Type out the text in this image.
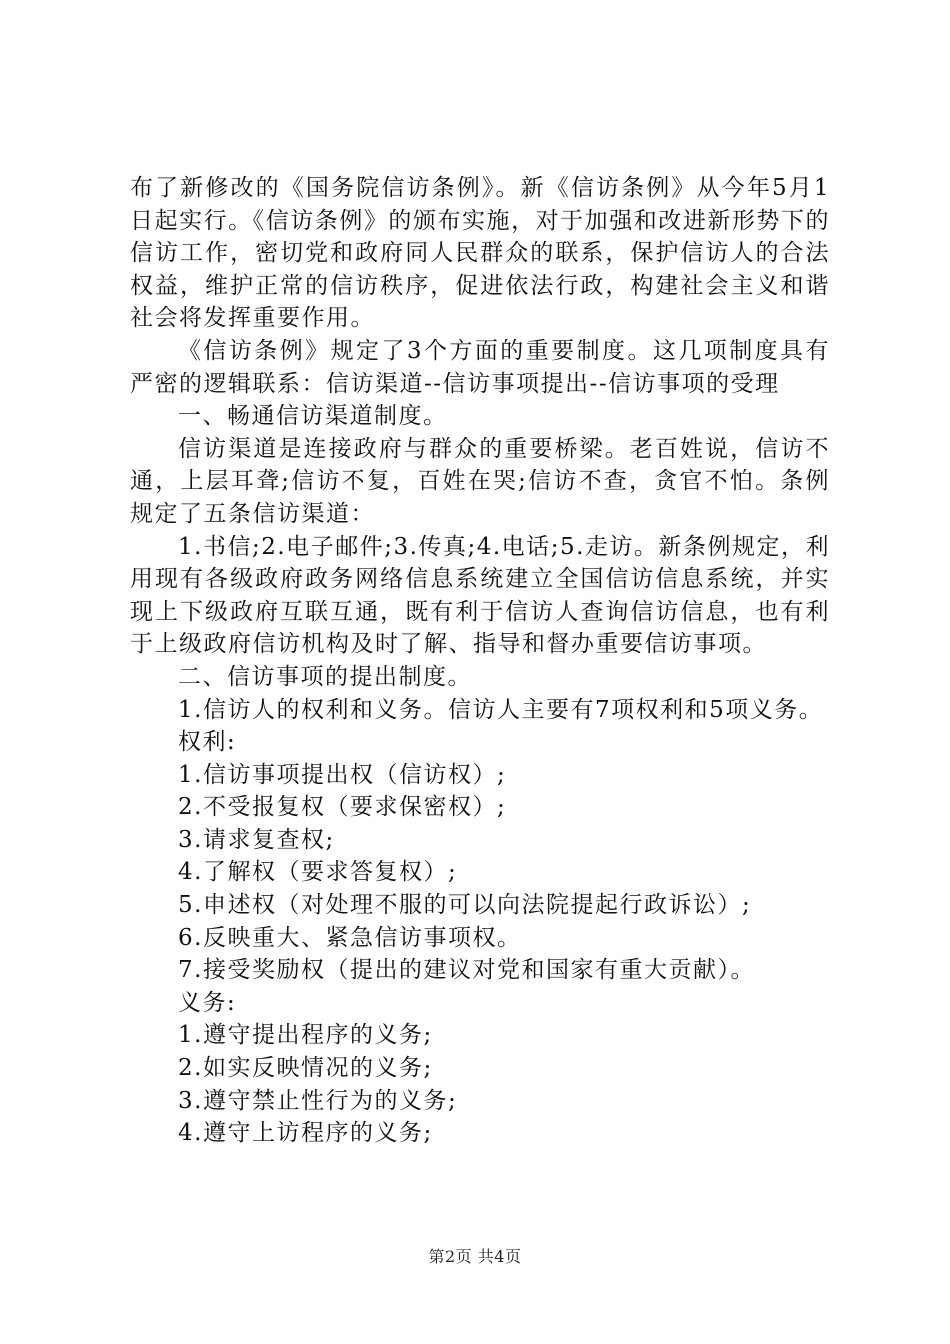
布了新修改的《国务院信访条例》。新《信访条例》从今年5月1日起实行。《信访条例》的颁布实施，对于加强和改进新形势下的信访工作，密切党和政府同人民群众的联系，保护信访人的合法权益，维护正常的信访秩序，促进依法行政，构建社会主义和谐社会将发挥重要作用。

《信访条例》规定了3个方面的重要制度。这几项制度具有严密的逻辑联系：信访渠道--信访事项提出--信访事项的受理

一、畅通信访渠道制度。

信访渠道是连接政府与群众的重要桥梁。老百姓说，信访不通，上层耳聋;信访不复，百姓在哭;信访不查，贪官不怕。条例规定了五条信访渠道：

1.书信;2.电子邮件;3.传真;4.电话;5.走访。新条例规定，利用现有各级政府政务网络信息系统建立全国信访信息系统，并实现上下级政府互联互通，既有利于信访人查询信访信息，也有利于上级政府信访机构及时了解、指导和督办重要信访事项。

二、信访事项的提出制度。

1.信访人的权利和义务。信访人主要有7项权利和5项义务。

权利:

1.信访事项提出权（信访权）;

2.不受报复权（要求保密权）;

3.请求复查权;

4.了解权（要求答复权）;

5.申述权（对处理不服的可以向法院提起行政诉讼）;

6.反映重大、紧急信访事项权。

7.接受奖励权（提出的建议对党和国家有重大贡献）。

义务:

1.遵守提出程序的义务;

2.如实反映情况的义务;

3.遵守禁止性行为的义务;

4.遵守上访程序的义务;

第2页 共4页
